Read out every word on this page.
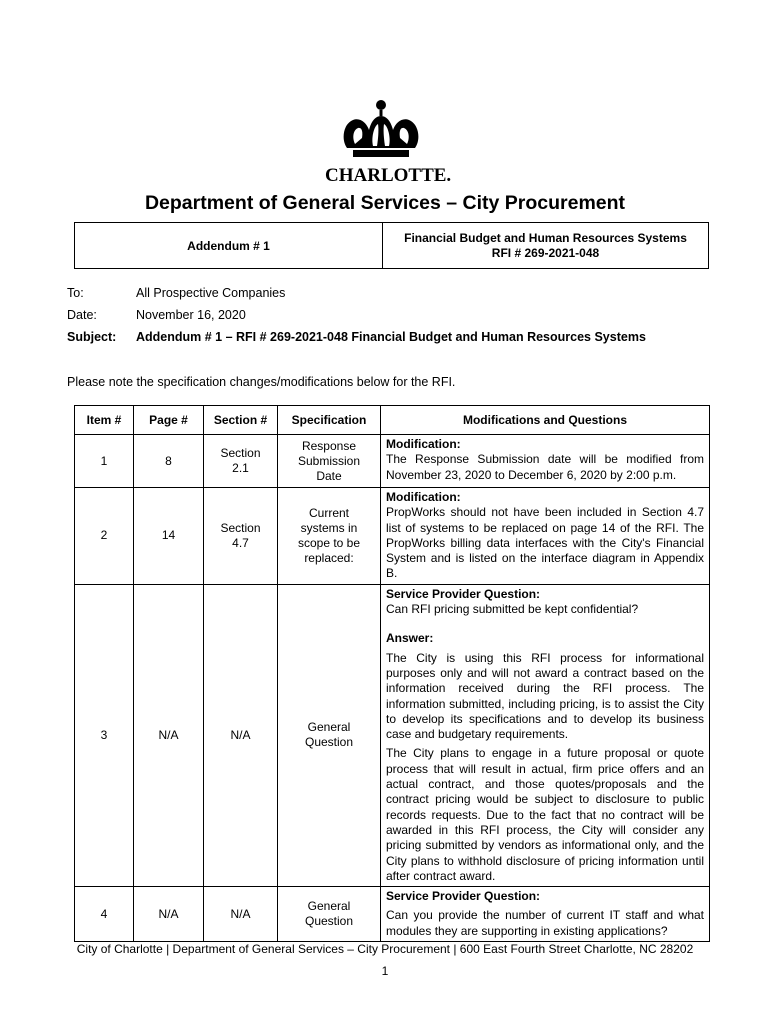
CHARLOTTE.
Department of General Services – City Procurement
Addendum # 1
Financial Budget and Human Resources Systems
RFI # 269-2021-048
To:	All Prospective Companies
Date:	November 16, 2020
Subject:	Addendum # 1 – RFI # 269-2021-048 Financial Budget and Human Resources Systems
Please note the specification changes/modifications below for the RFI.
Item #	Page #	Section #	Specification	Modifications and Questions
1	8	Section 2.1	Response Submission Date	Modification:

The Response Submission date will be modified from November 23, 2020 to December 6, 2020 by 2:00 p.m.

2	14	Section 4.7	Current systems in scope to be replaced:	Modification:

PropWorks should not have been included in Section 4.7 list of systems to be replaced on page 14 of the RFI. The PropWorks billing data interfaces with the City's Financial System and is listed on the interface diagram in Appendix B.

3	N/A	N/A	General Question	Service Provider Question:

Can RFI pricing submitted be kept confidential?

Answer:

The City is using this RFI process for informational purposes only and will not award a contract based on the information received during the RFI process. The information submitted, including pricing, is to assist the City to develop its specifications and to develop its business case and budgetary requirements.

The City plans to engage in a future proposal or quote process that will result in actual, firm price offers and an actual contract, and those quotes/proposals and the contract pricing would be subject to disclosure to public records requests. Due to the fact that no contract will be awarded in this RFI process, the City will consider any pricing submitted by vendors as informational only, and the City plans to withhold disclosure of pricing information until after contract award.

4	N/A	N/A	General Question	Service Provider Question:

Can you provide the number of current IT staff and what modules they are supporting in existing applications?

City of Charlotte | Department of General Services – City Procurement | 600 East Fourth Street Charlotte, NC 28202
1
